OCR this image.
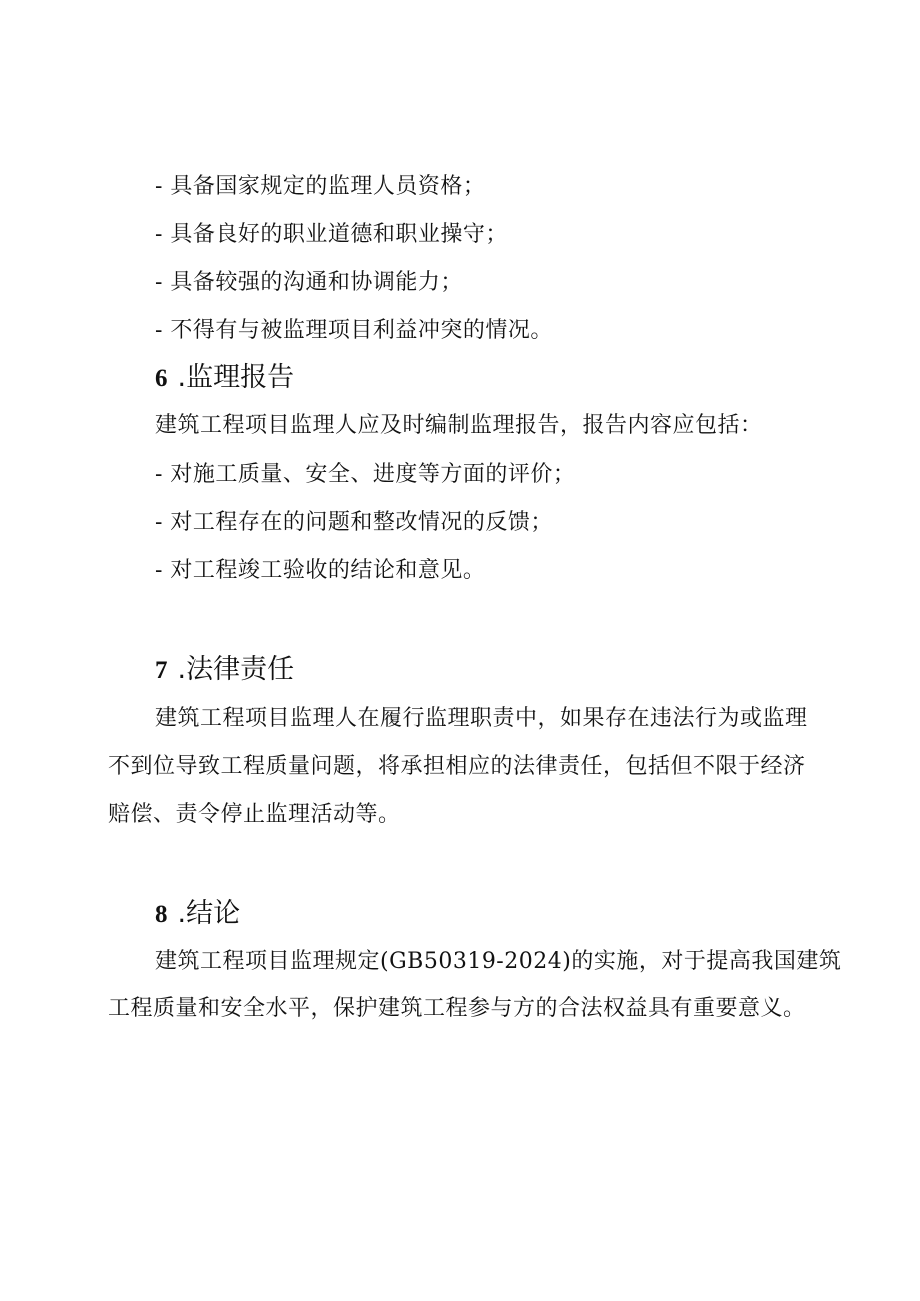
- 具备国家规定的监理人员资格；
- 具备良好的职业道德和职业操守；
- 具备较强的沟通和协调能力；
- 不得有与被监理项目利益冲突的情况。
6 .监理报告
建筑工程项目监理人应及时编制监理报告，报告内容应包括：
- 对施工质量、安全、进度等方面的评价；
- 对工程存在的问题和整改情况的反馈；
- 对工程竣工验收的结论和意见。
7 .法律责任
建筑工程项目监理人在履行监理职责中，如果存在违法行为或监理
不到位导致工程质量问题，将承担相应的法律责任，包括但不限于经济
赔偿、责令停止监理活动等。
8 .结论
建筑工程项目监理规定(GB50319-2024)的实施，对于提高我国建筑
工程质量和安全水平，保护建筑工程参与方的合法权益具有重要意义。
